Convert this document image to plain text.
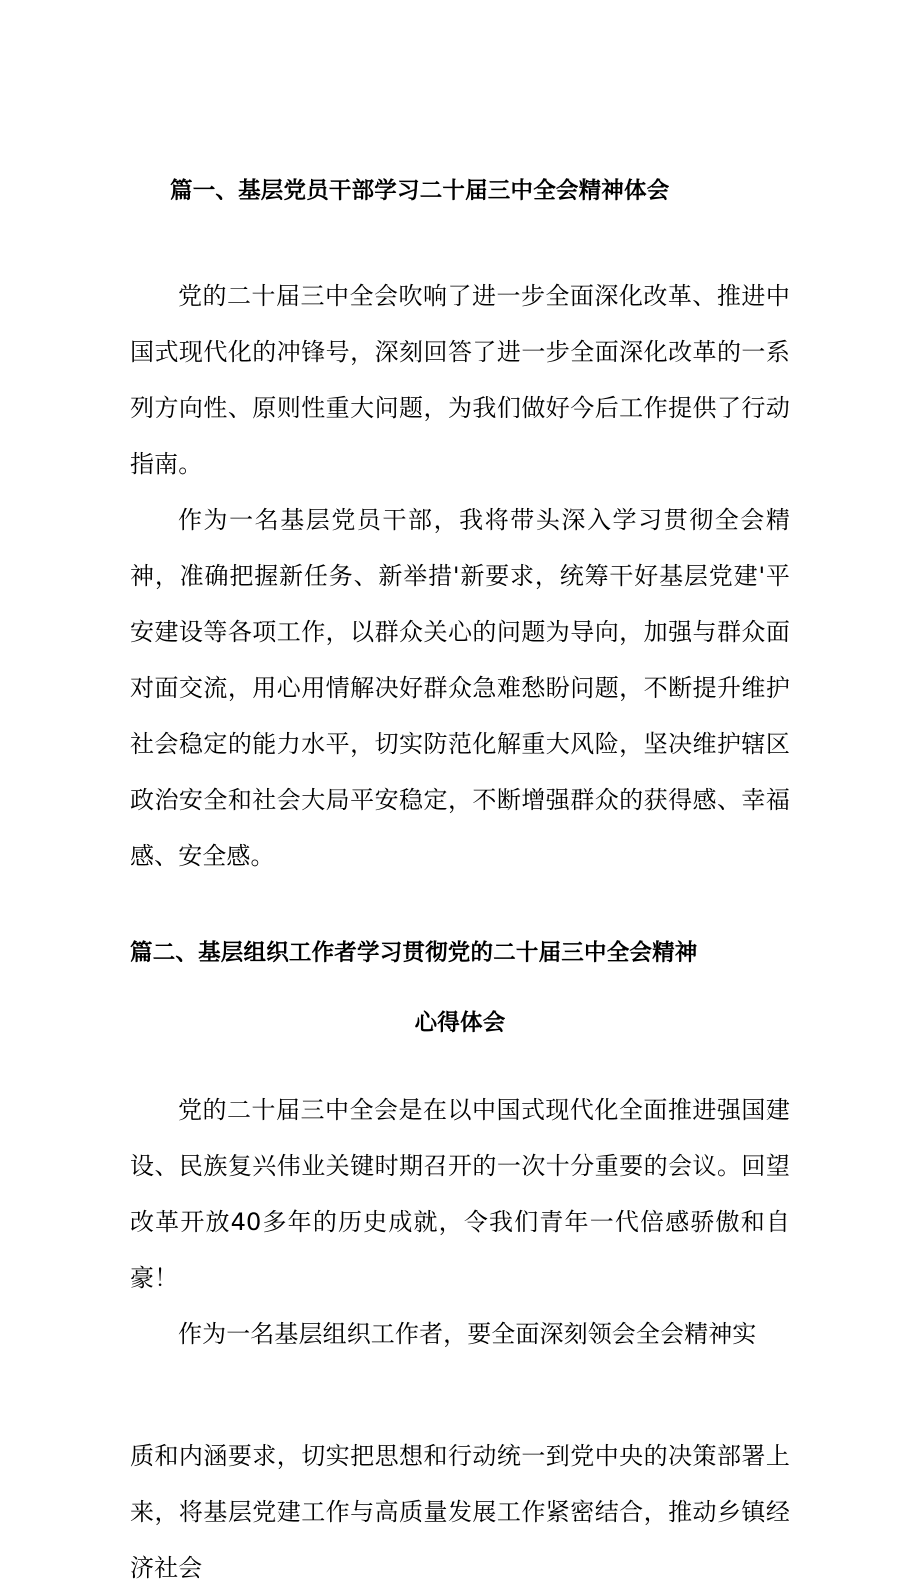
篇一、基层党员干部学习二十届三中全会精神体会

党的二十届三中全会吹响了进一步全面深化改革、推进中国式现代化的冲锋号，深刻回答了进一步全面深化改革的一系列方向性、原则性重大问题，为我们做好今后工作提供了行动指南。

作为一名基层党员干部，我将带头深入学习贯彻全会精神，准确把握新任务、新举措'新要求，统筹干好基层党建'平安建设等各项工作，以群众关心的问题为导向，加强与群众面对面交流，用心用情解决好群众急难愁盼问题，不断提升维护社会稳定的能力水平，切实防范化解重大风险，坚决维护辖区政治安全和社会大局平安稳定，不断增强群众的获得感、幸福感、安全感。

篇二、基层组织工作者学习贯彻党的二十届三中全会精神
心得体会

党的二十届三中全会是在以中国式现代化全面推进强国建设、民族复兴伟业关键时期召开的一次十分重要的会议。回望改革开放40多年的历史成就，令我们青年一代倍感骄傲和自豪！

作为一名基层组织工作者，要全面深刻领会全会精神实

质和内涵要求，切实把思想和行动统一到党中央的决策部署上来，将基层党建工作与高质量发展工作紧密结合，推动乡镇经济社会
